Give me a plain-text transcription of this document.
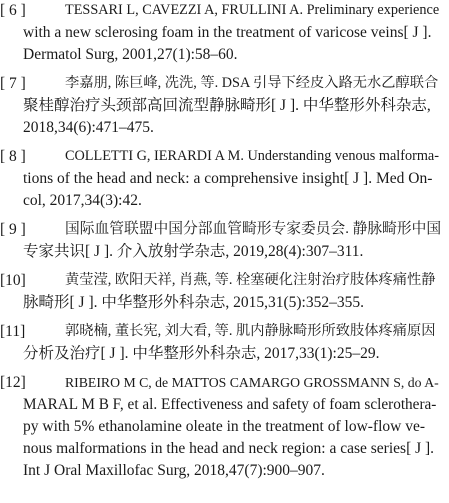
[ 6 ]	TESSARI L, CAVEZZI A, FRULLINI A. Preliminary experience
with a new sclerosing foam in the treatment of varicose veins[ J ].
Dermatol Surg, 2001,27(1):58–60.
[ 7 ]	李嘉朋, 陈巨峰, 冼洗, 等. DSA 引导下经皮入路无水乙醇联合
聚桂醇治疗头颈部高回流型静脉畸形[ J ]. 中华整形外科杂志,
2018,34(6):471–475.
[ 8 ]	COLLETTI G, IERARDI A M. Understanding venous malforma-
tions of the head and neck: a comprehensive insight[ J ]. Med On-
col, 2017,34(3):42.
[ 9 ]	国际血管联盟中国分部血管畸形专家委员会. 静脉畸形中国
专家共识[ J ]. 介入放射学杂志, 2019,28(4):307–311.
[10]	黄莹滢, 欧阳天祥, 肖燕, 等. 栓塞硬化注射治疗肢体疼痛性静
脉畸形[ J ]. 中华整形外科杂志, 2015,31(5):352–355.
[11]	郭晓楠, 董长宪, 刘大看, 等. 肌内静脉畸形所致肢体疼痛原因
分析及治疗[ J ]. 中华整形外科杂志, 2017,33(1):25–29.
[12]	RIBEIRO M C, de MATTOS CAMARGO GROSSMANN S, do A-
MARAL M B F, et al. Effectiveness and safety of foam sclerothera-
py with 5% ethanolamine oleate in the treatment of low-flow ve-
nous malformations in the head and neck region: a case series[ J ].
Int J Oral Maxillofac Surg, 2018,47(7):900–907.
